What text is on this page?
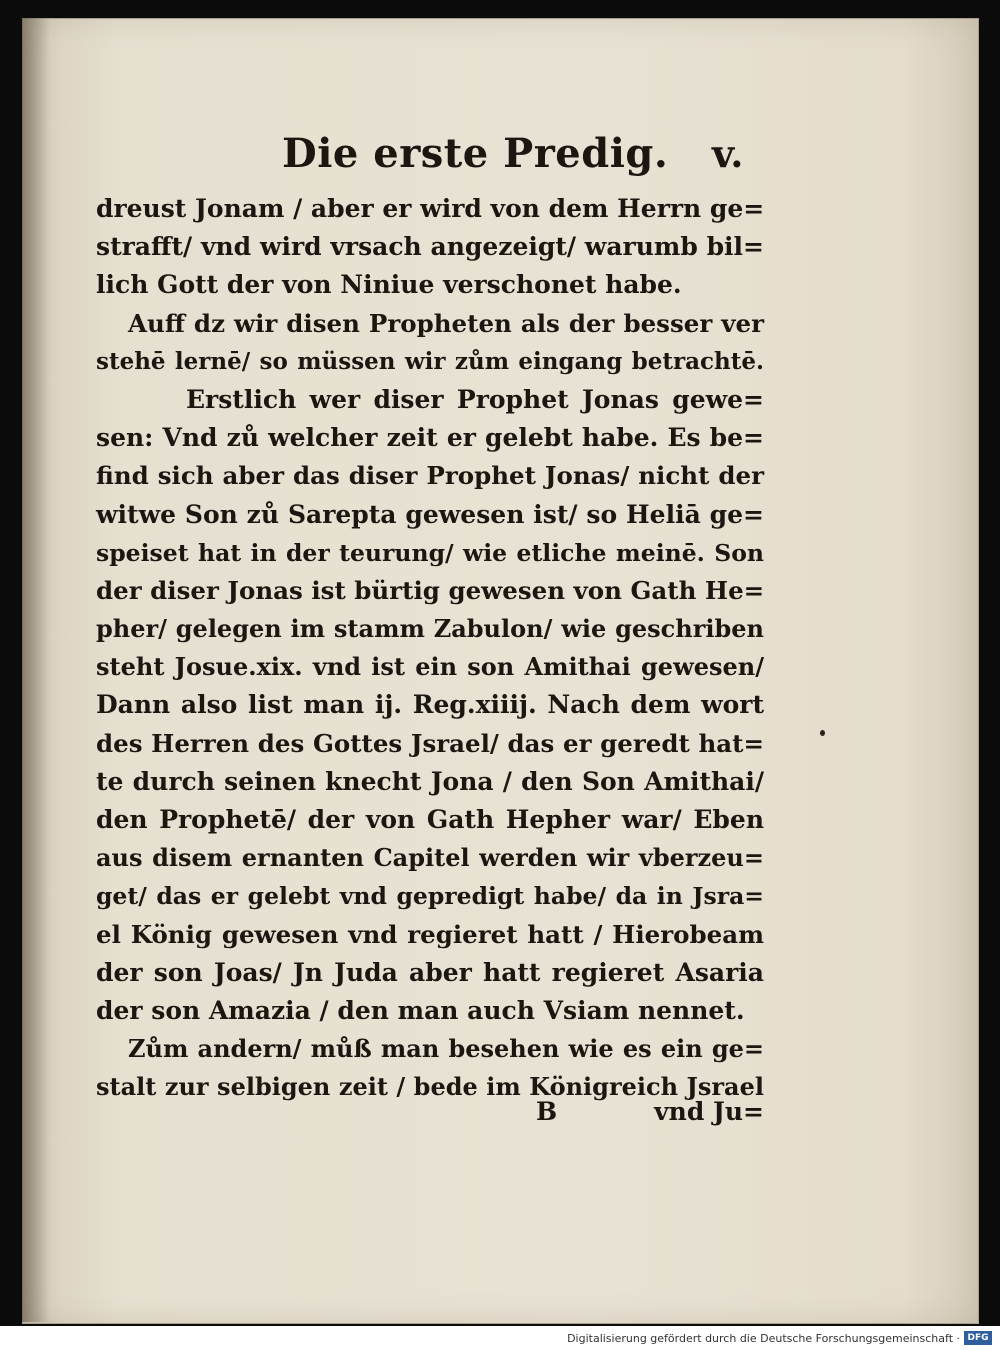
Die erste Predig. v.
dreust Jonam / aber er wird von dem Herrn ge=
strafft/ vnd wird vrsach angezeigt/ warumb bil=
lich Gott der von Niniue verschonet habe.
Auff dz wir disen Propheten als der besser ver
stehē lernē/ so müssen wir zům eingang betrachtē.
Erstlich wer diser Prophet Jonas gewe=
sen: Vnd zů welcher zeit er gelebt habe. Es be=
find sich aber das diser Prophet Jonas/ nicht der
witwe Son zů Sarepta gewesen ist/ so Heliā ge=
speiset hat in der teurung/ wie etliche meinē. Son
der diser Jonas ist bürtig gewesen von Gath He=
pher/ gelegen im stamm Zabulon/ wie geschriben
steht Josue.xix. vnd ist ein son Amithai gewesen/
Dann also list man ij. Reg.xiiij. Nach dem wort
des Herren des Gottes Jsrael/ das er geredt hat=
te durch seinen knecht Jona / den Son Amithai/
den Prophetē/ der von Gath Hepher war/ Eben
aus disem ernanten Capitel werden wir vberzeu=
get/ das er gelebt vnd gepredigt habe/ da in Jsra=
el König gewesen vnd regieret hatt / Hierobeam
der son Joas/ Jn Juda aber hatt regieret Asaria
der son Amazia / den man auch Vsiam nennet.
Zům andern/ můß man besehen wie es ein ge=
stalt zur selbigen zeit / bede im Königreich Jsrael
B	vnd Ju=
Digitalisierung gefördert durch die Deutsche Forschungsgemeinschaft · DFG
